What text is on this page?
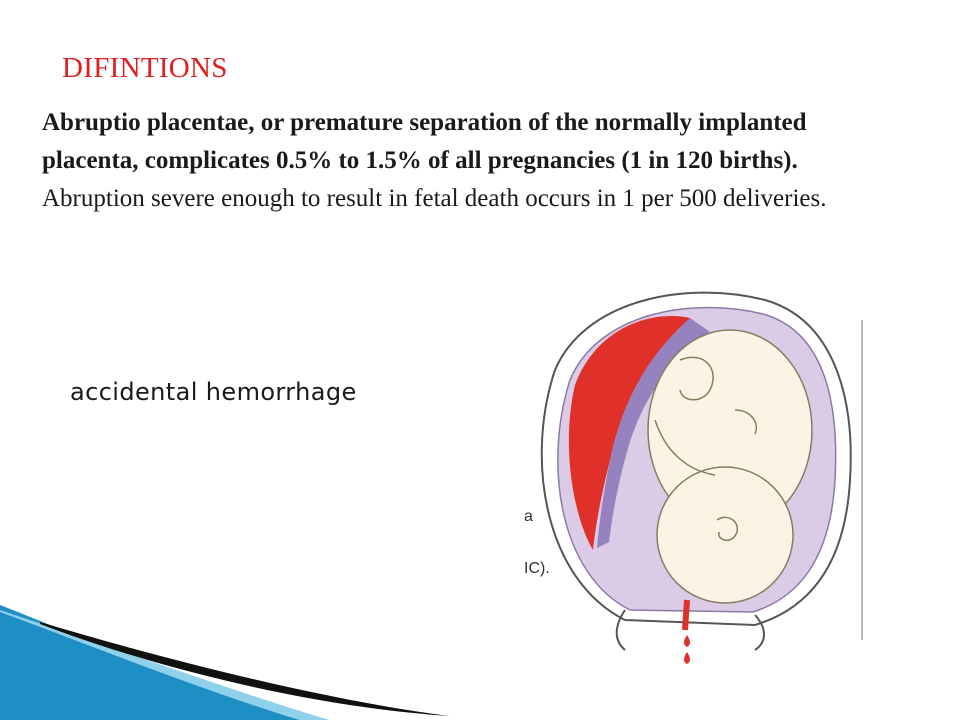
DIFINTIONS
Abruptio placentae, or premature separation of the normally implanted placenta, complicates 0.5% to 1.5% of all pregnancies (1 in 120 births). Abruption severe enough to result in fetal death occurs in 1 per 500 deliveries.
accidental hemorrhage
a
IC).
